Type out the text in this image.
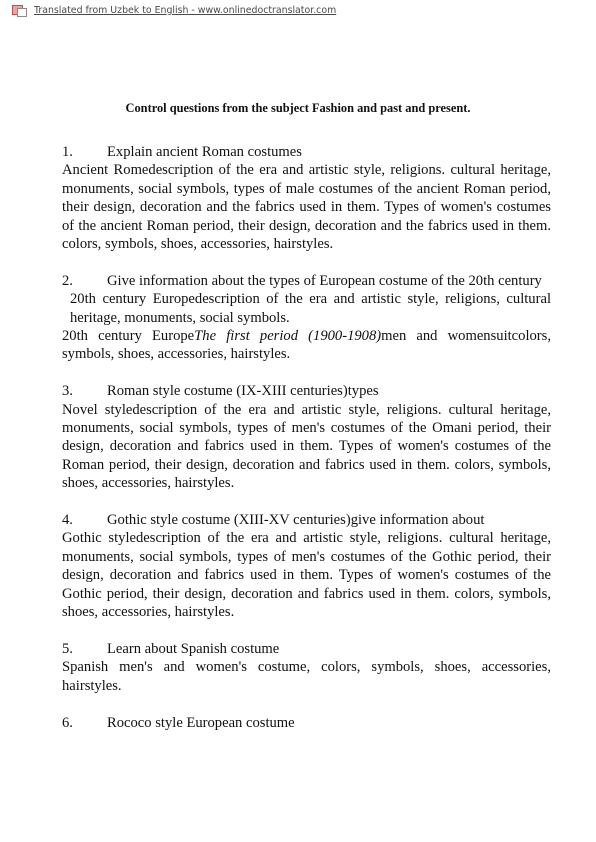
Translated from Uzbek to English - www.onlinedoctranslator.com
Control questions from the subject Fashion and past and present.
1.	Explain ancient Roman costumes

Ancient Romedescription of the era and artistic style, religions. cultural heritage, monuments, social symbols, types of male costumes of the ancient Roman period, their design, decoration and the fabrics used in them. Types of women's costumes of the ancient Roman period, their design, decoration and the fabrics used in them. colors, symbols, shoes, accessories, hairstyles.

2.	Give information about the types of European costume of the 20th century

20th century Europedescription of the era and artistic style, religions, cultural heritage, monuments, social symbols.

20th century EuropeThe first period (1900-1908)men and womensuitcolors, symbols, shoes, accessories, hairstyles.

3.	Roman style costume (IX-XIII centuries)types

Novel styledescription of the era and artistic style, religions. cultural heritage, monuments, social symbols, types of men's costumes of the Omani period, their design, decoration and fabrics used in them. Types of women's costumes of the Roman period, their design, decoration and fabrics used in them. colors, symbols, shoes, accessories, hairstyles.

4.	Gothic style costume (XIII-XV centuries)give information about

Gothic styledescription of the era and artistic style, religions. cultural heritage, monuments, social symbols, types of men's costumes of the Gothic period, their design, decoration and fabrics used in them. Types of women's costumes of the Gothic period, their design, decoration and fabrics used in them. colors, symbols, shoes, accessories, hairstyles.

5.	Learn about Spanish costume

Spanish men's and women's costume, colors, symbols, shoes, accessories, hairstyles.

6.	Rococo style European costume
